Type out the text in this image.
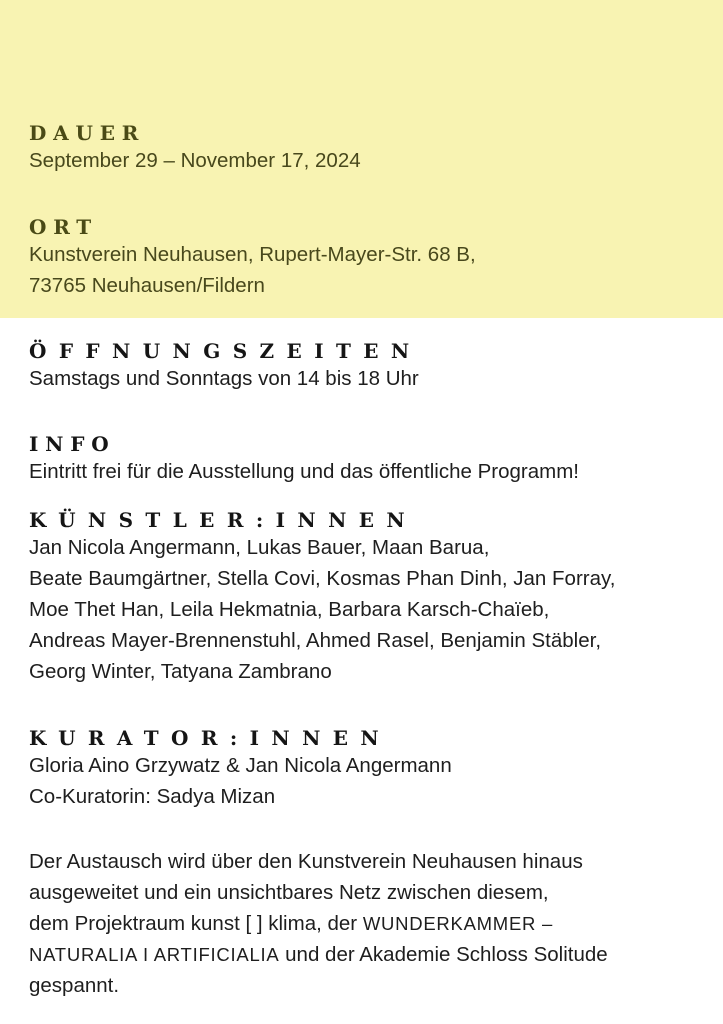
DAUER
September 29 – November 17, 2024
ORT
Kunstverein Neuhausen, Rupert-Mayer-Str. 68 B,
73765 Neuhausen/Fildern
ÖFFNUNGSZEITEN
Samstags und Sonntags von 14 bis 18 Uhr
INFO
Eintritt frei für die Ausstellung und das öffentliche Programm!
KÜNSTLER:INNEN
Jan Nicola Angermann, Lukas Bauer, Maan Barua,
Beate Baumgärtner, Stella Covi, Kosmas Phan Dinh, Jan Forray,
Moe Thet Han, Leila Hekmatnia, Barbara Karsch-Chaïeb,
Andreas Mayer-Brennenstuhl, Ahmed Rasel, Benjamin Stäbler,
Georg Winter, Tatyana Zambrano
KURATOR:INNEN
Gloria Aino Grzywatz & Jan Nicola Angermann
Co-Kuratorin: Sadya Mizan
Der Austausch wird über den Kunstverein Neuhausen hinaus
ausgeweitet und ein unsichtbares Netz zwischen diesem,
dem Projektraum kunst [ ] klima, der WUNDERKAMMER –
NATURALIA I ARTIFICIALIA und der Akademie Schloss Solitude
gespannt.
